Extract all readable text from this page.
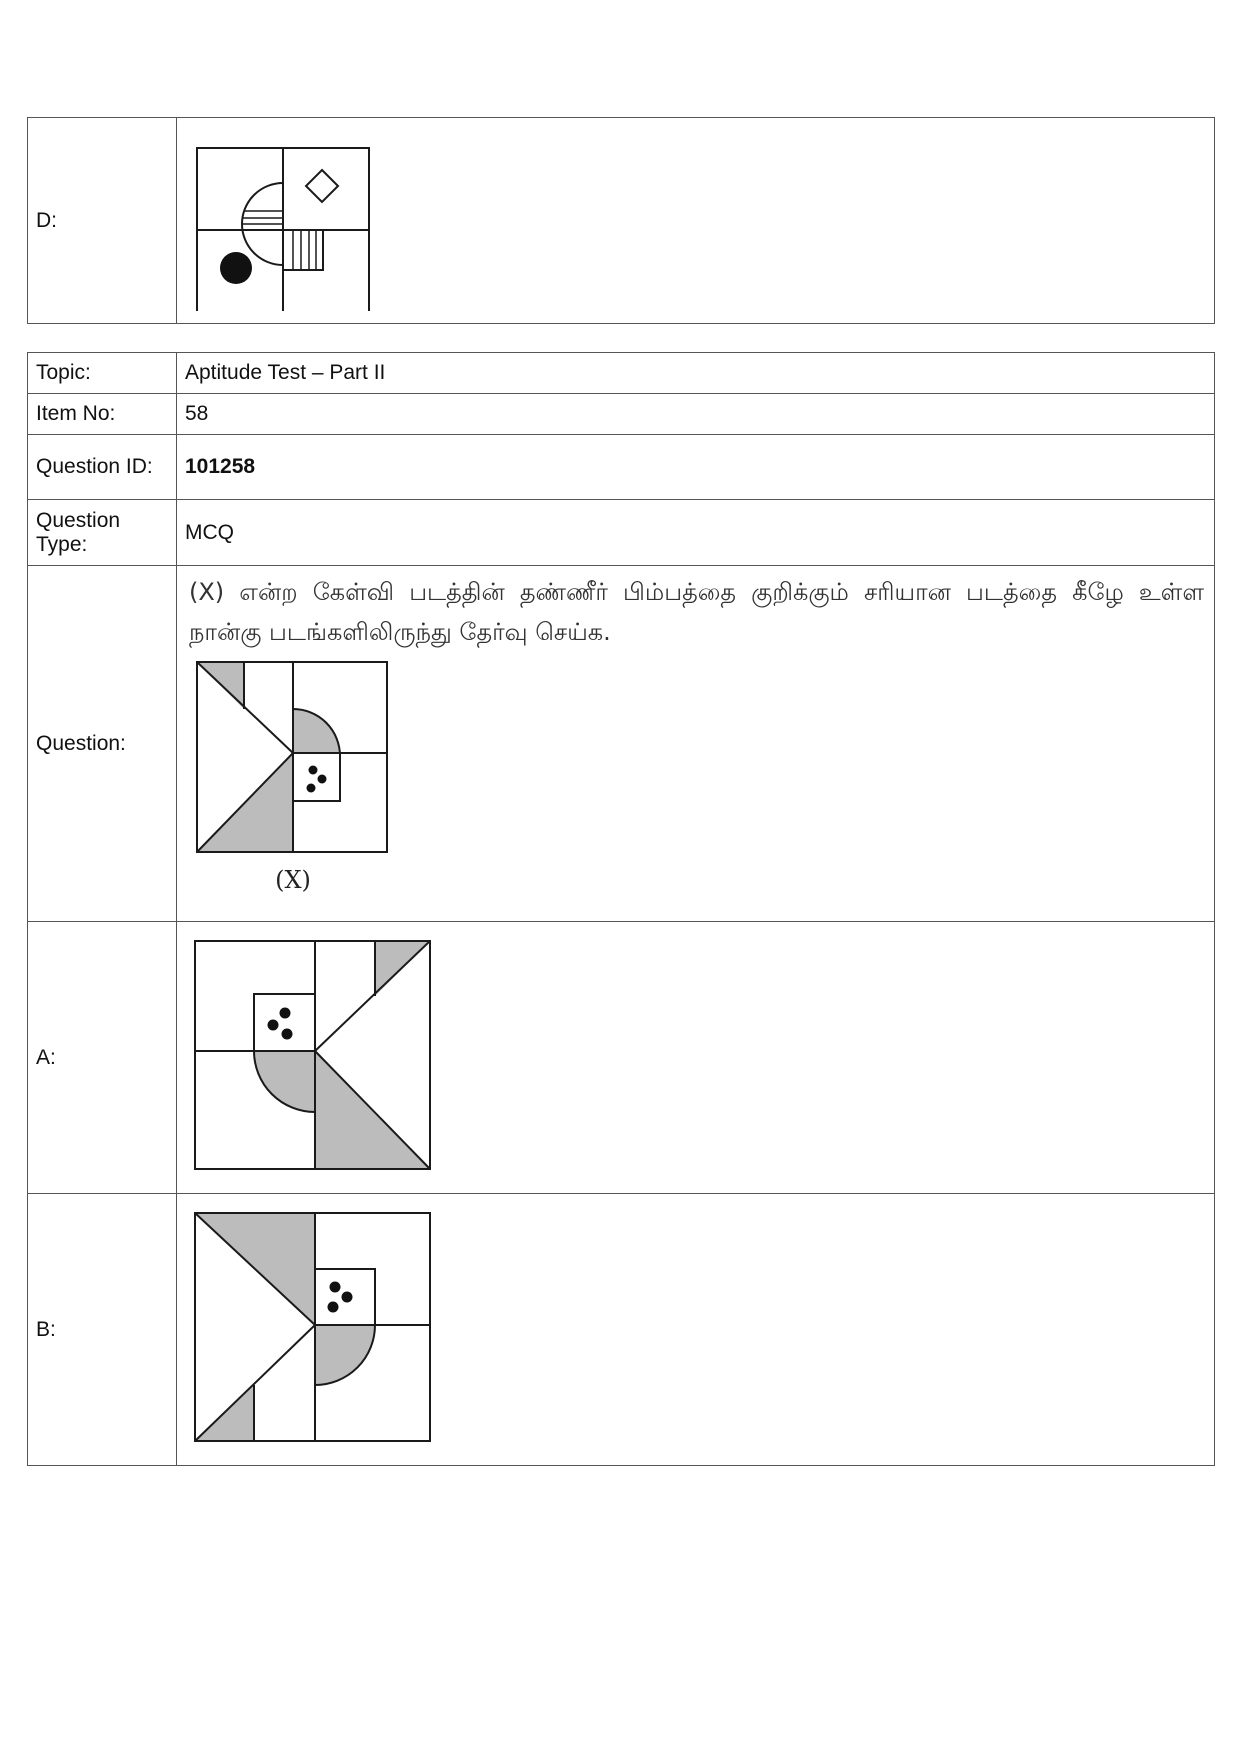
D:	
Topic:	Aptitude Test – Part II
Item No:	58
Question ID:	101258
Question Type:	MCQ
Question:	(X) என்ற கேள்வி படத்தின் தண்ணீர் பிம்பத்தை குறிக்கும் சரியான படத்தை கீழே உள்ள நான்கு படங்களிலிருந்து தேர்வு செய்க.
(X)

A:	

B:	
